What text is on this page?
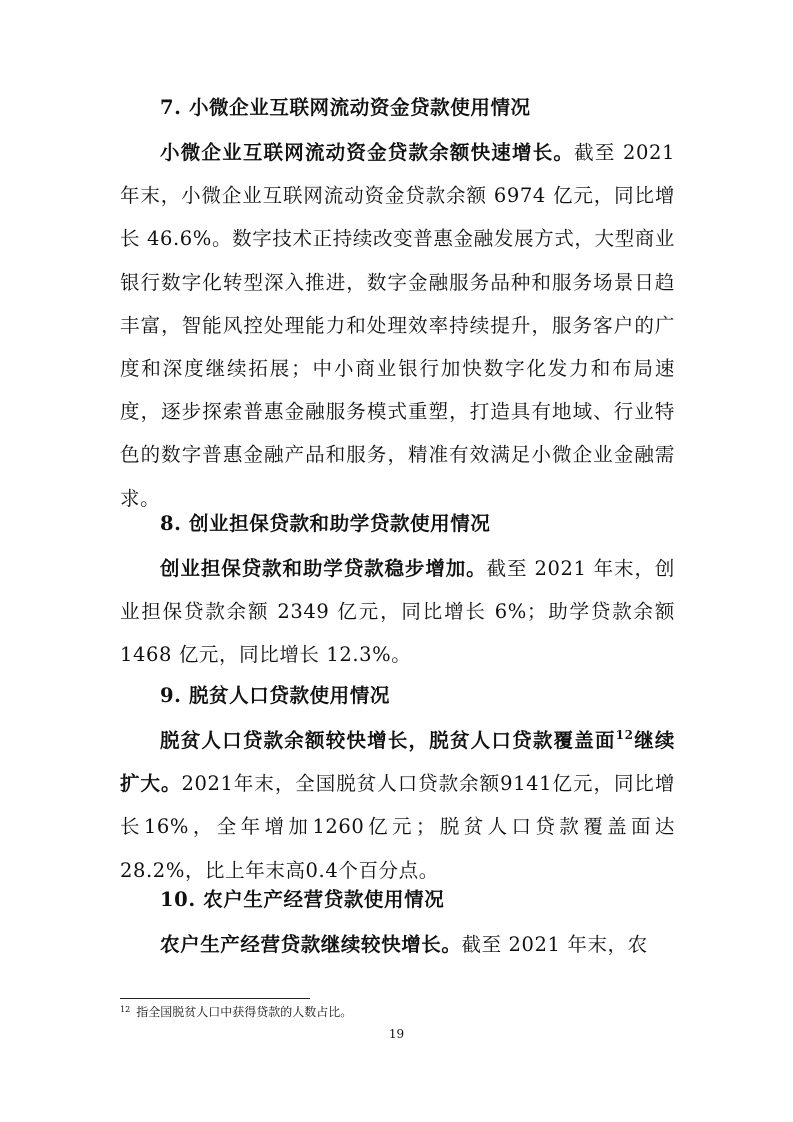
7. 小微企业互联网流动资金贷款使用情况

小微企业互联网流动资金贷款余额快速增长。截至 2021 年末，小微企业互联网流动资金贷款余额 6974 亿元，同比增长 46.6%。数字技术正持续改变普惠金融发展方式，大型商业银行数字化转型深入推进，数字金融服务品种和服务场景日趋丰富，智能风控处理能力和处理效率持续提升，服务客户的广度和深度继续拓展；中小商业银行加快数字化发力和布局速度，逐步探索普惠金融服务模式重塑，打造具有地域、行业特色的数字普惠金融产品和服务，精准有效满足小微企业金融需求。

8. 创业担保贷款和助学贷款使用情况

创业担保贷款和助学贷款稳步增加。截至 2021 年末，创业担保贷款余额 2349 亿元，同比增长 6%；助学贷款余额 1468 亿元，同比增长 12.3%。

9. 脱贫人口贷款使用情况

脱贫人口贷款余额较快增长，脱贫人口贷款覆盖面$^{12}$继续扩大。2021年末，全国脱贫人口贷款余额9141亿元，同比增长16%，全年增加1260亿元；脱贫人口贷款覆盖面达28.2%，比上年末高0.4个百分点。

10. 农户生产经营贷款使用情况

农户生产经营贷款继续较快增长。截至 2021 年末，农

$^{12}$ 指全国脱贫人口中获得贷款的人数占比。

19
